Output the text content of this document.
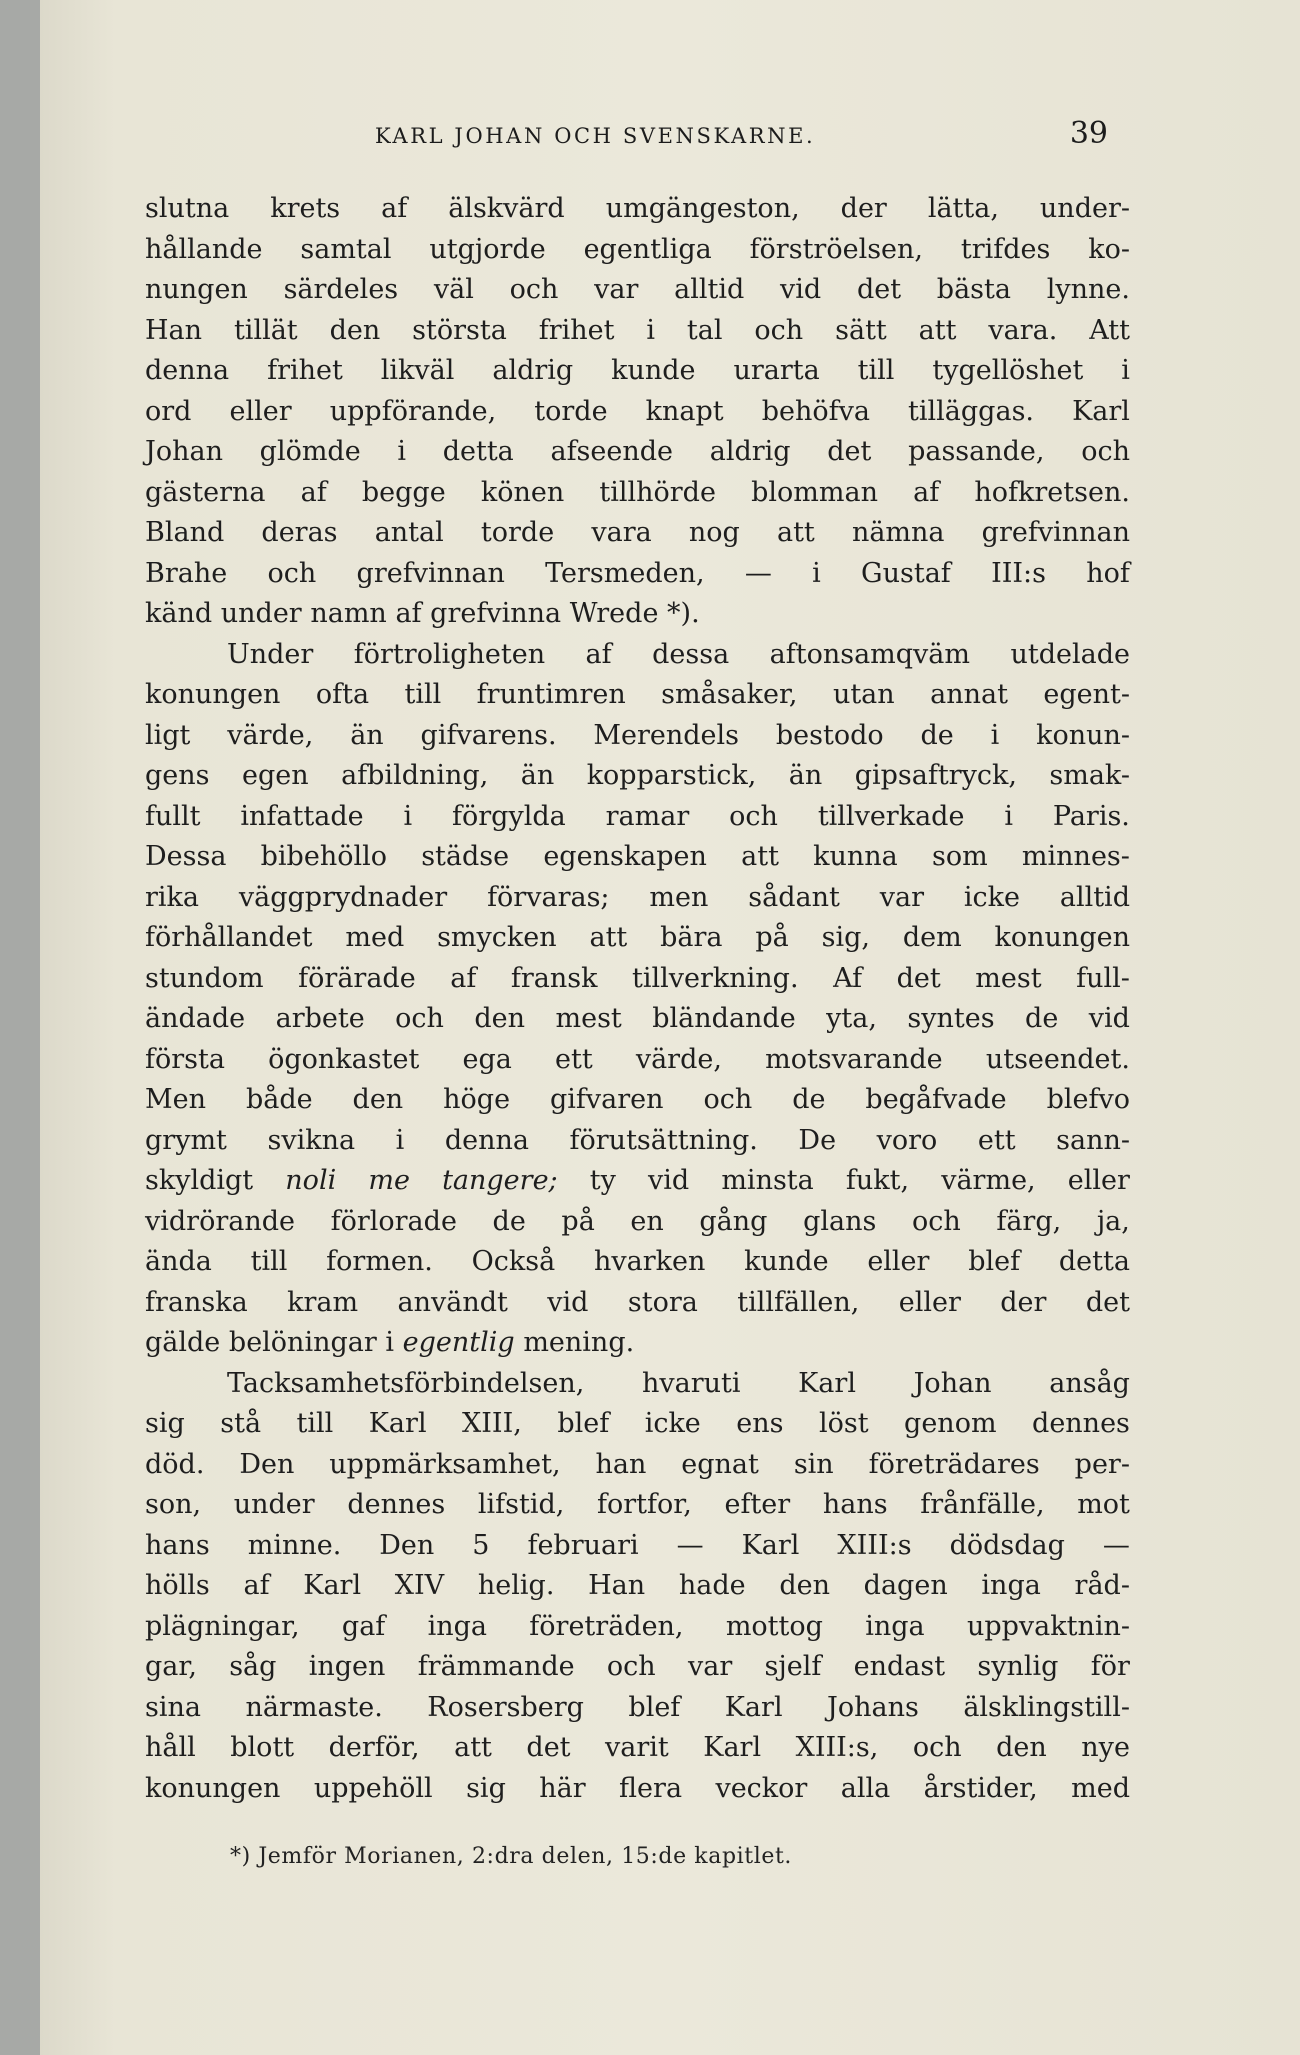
KARL JOHAN OCH SVENSKARNE.	39
slutna krets af älskvärd umgängeston, der lätta, under-
hållande samtal utgjorde egentliga förströelsen, trifdes ko-
nungen särdeles väl och var alltid vid det bästa lynne.
Han tillät den största frihet i tal och sätt att vara. Att
denna frihet likväl aldrig kunde urarta till tygellöshet i
ord eller uppförande, torde knapt behöfva tilläggas. Karl
Johan glömde i detta afseende aldrig det passande, och
gästerna af begge könen tillhörde blomman af hofkretsen.
Bland deras antal torde vara nog att nämna grefvinnan
Brahe och grefvinnan Tersmeden, — i Gustaf III:s hof
känd under namn af grefvinna Wrede *).
Under förtroligheten af dessa aftonsamqväm utdelade
konungen ofta till fruntimren småsaker, utan annat egent-
ligt värde, än gifvarens. Merendels bestodo de i konun-
gens egen afbildning, än kopparstick, än gipsaftryck, smak-
fullt infattade i förgylda ramar och tillverkade i Paris.
Dessa bibehöllo städse egenskapen att kunna som minnes-
rika väggprydnader förvaras; men sådant var icke alltid
förhållandet med smycken att bära på sig, dem konungen
stundom förärade af fransk tillverkning. Af det mest full-
ändade arbete och den mest bländande yta, syntes de vid
första ögonkastet ega ett värde, motsvarande utseendet.
Men både den höge gifvaren och de begåfvade blefvo
grymt svikna i denna förutsättning. De voro ett sann-
skyldigt noli me tangere; ty vid minsta fukt, värme, eller
vidrörande förlorade de på en gång glans och färg, ja,
ända till formen. Också hvarken kunde eller blef detta
franska kram användt vid stora tillfällen, eller der det
gälde belöningar i egentlig mening.
Tacksamhetsförbindelsen, hvaruti Karl Johan ansåg
sig stå till Karl XIII, blef icke ens löst genom dennes
död. Den uppmärksamhet, han egnat sin företrädares per-
son, under dennes lifstid, fortfor, efter hans frånfälle, mot
hans minne. Den 5 februari — Karl XIII:s dödsdag —
hölls af Karl XIV helig. Han hade den dagen inga råd-
plägningar, gaf inga företräden, mottog inga uppvaktnin-
gar, såg ingen främmande och var sjelf endast synlig för
sina närmaste. Rosersberg blef Karl Johans älsklingstill-
håll blott derför, att det varit Karl XIII:s, och den nye
konungen uppehöll sig här flera veckor alla årstider, med
*) Jemför Morianen, 2:dra delen, 15:de kapitlet.
